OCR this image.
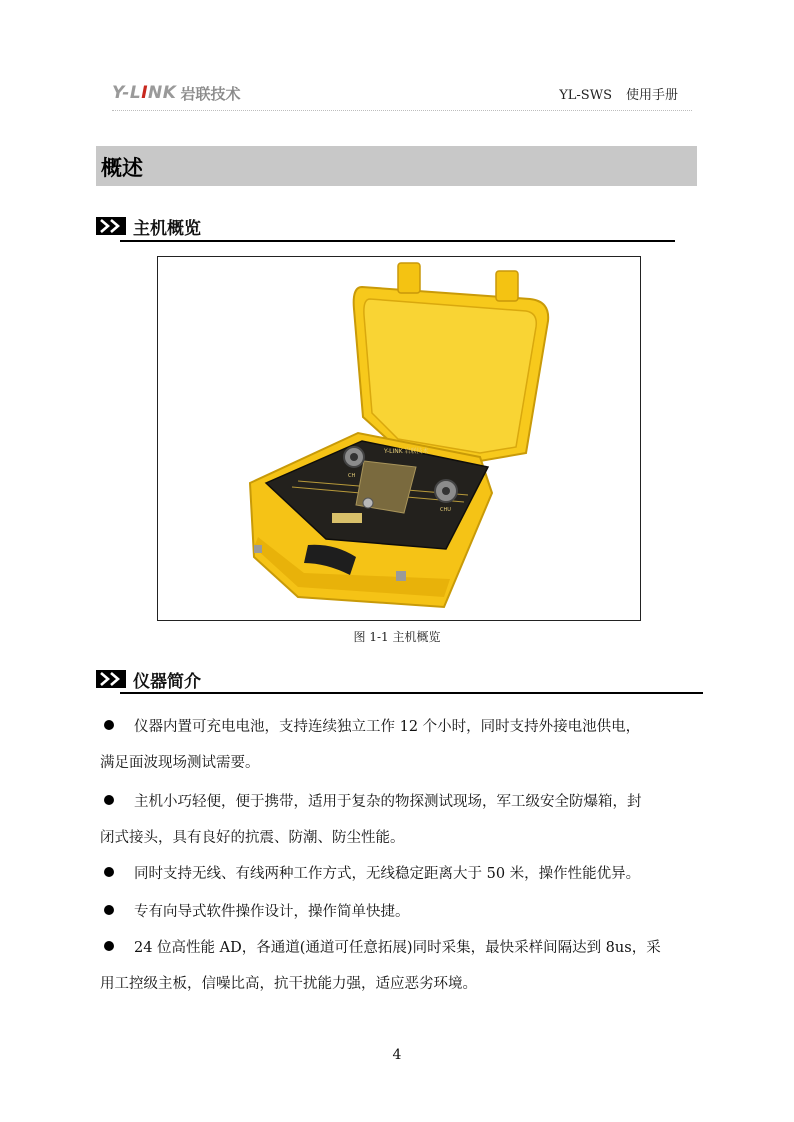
Y-LINK 岩联技术	YL-SWS 使用手册
概述
主机概览
Y-LINK 岩联技术
CH
CHU
图 1-1 主机概览
仪器简介
仪器内置可充电电池，支持连续独立工作 12 个小时，同时支持外接电池供电，
满足面波现场测试需要。
主机小巧轻便，便于携带，适用于复杂的物探测试现场，军工级安全防爆箱，封
闭式接头，具有良好的抗震、防潮、防尘性能。
同时支持无线、有线两种工作方式，无线稳定距离大于 50 米，操作性能优异。
专有向导式软件操作设计，操作简单快捷。
24 位高性能 AD，各通道(通道可任意拓展)同时采集，最快采样间隔达到 8us，采
用工控级主板，信噪比高，抗干扰能力强，适应恶劣环境。
4
